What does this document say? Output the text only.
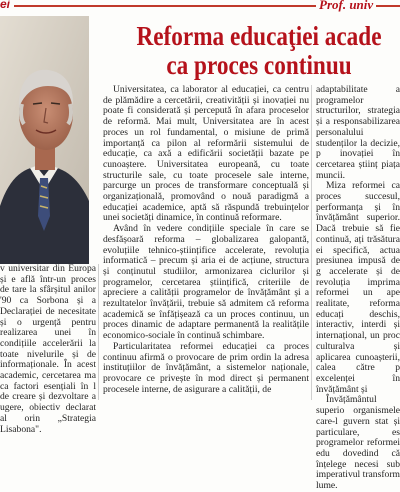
ei	Prof. univ
Reforma educaţiei acade
ca proces continuu

v universitar din Europa și e află într-un proces de tare la sfârșitul anilor '90 ca Sorbona și a Declarației de necesitate și o urgență pentru realizarea unei în condițiile accelerării la toate nivelurile și de informaționale. În acest academic, cercetarea ma ca factori esențiali în l de creare și dezvoltare a ugere, obiectiv declarat al orin „Strategia Lisabona".

Universitatea, ca laborator al educației, ca centru de plămădire a cercetării, creativității și inovației nu poate fi considerată și percepută în afara proceselor de reformă. Mai mult, Universitatea are în acest proces un rol fundamental, o misiune de primă importanță ca pilon al reformării sistemului de educație, ca axă a edificării societății bazate pe cunoaștere. Universitatea europeană, cu toate structurile sale, cu toate procesele sale interne, parcurge un proces de transformare conceptuală și organizațională, promovând o nouă paradigmă a educației academice, aptă să răspundă trebuințelor unei societăți dinamice, în continuă reformare.

Având în vedere condițiile speciale în care se desfășoară reforma – globalizarea galopantă, evoluțiile tehnico-științifice accelerate, revoluția informatică – precum și aria ei de acțiune, structura și conținutul studiilor, armonizarea ciclurilor și programelor, cercetarea științifică, criteriile de apreciere a calității programelor de învățământ și a rezultatelor învățării, trebuie să admitem că reforma academică se înfățișează ca un proces continuu, un proces dinamic de adaptare permanentă la realitățile economico-sociale în continuă schimbare.

Particularitatea reformei educației ca proces continuu afirmă o provocare de prim ordin la adresa instituțiilor de învățământ, a sistemelor naționale, provocare ce privește în mod direct și permanent procesele interne, de asigurare a calității, de

adaptabilitate a programelor structurilor, strategia și a responsabilizarea personalului studenților la decizie, p inovației în cercetarea științ piața muncii.

Miza reformei ca proces succesul, performanța și în învățământ superior. Dacă trebuie să fie continuă, ați trăsătura ei specifică, actua presiunea impusă de g accelerate și de revoluția imprima reformei un ape realitate, reforma educați deschis, interactiv, interdi și internațional, un proc culturalva și aplicarea cunoașterii, calea către p excelenței în învățământ și

Învățământul superio organismele care-l guvern stat și particulare, es programelor reformei edu dovedind că înțelege necesi sub imperativul transform lume.
